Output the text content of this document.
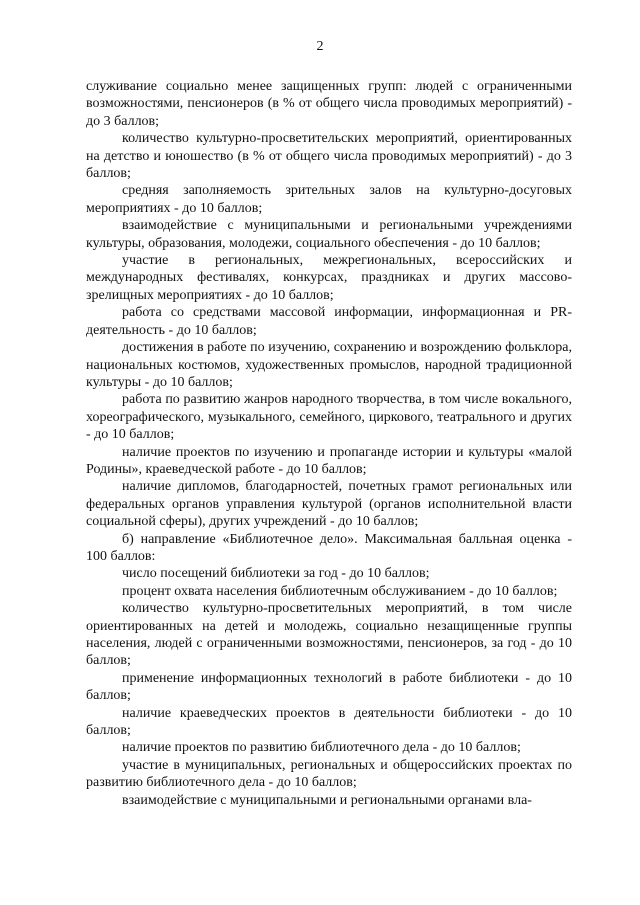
2

служивание социально менее защищенных групп: людей с ограниченными возможностями, пенсионеров (в % от общего числа проводимых мероприятий) - до 3 баллов;

количество культурно-просветительских мероприятий, ориентированных на детство и юношество (в % от общего числа проводимых мероприятий) - до 3 баллов;

средняя заполняемость зрительных залов на культурно-досуговых мероприятиях - до 10 баллов;

взаимодействие с муниципальными и региональными учреждениями культуры, образования, молодежи, социального обеспечения - до 10 баллов;

участие в региональных, межрегиональных, всероссийских и международных фестивалях, конкурсах, праздниках и других массово-зрелищных мероприятиях - до 10 баллов;

работа со средствами массовой информации, информационная и PR-деятельность - до 10 баллов;

достижения в работе по изучению, сохранению и возрождению фольклора, национальных костюмов, художественных промыслов, народной традиционной культуры - до 10 баллов;

работа по развитию жанров народного творчества, в том числе вокального, хореографического, музыкального, семейного, циркового, театрального и других - до 10 баллов;

наличие проектов по изучению и пропаганде истории и культуры «малой Родины», краеведческой работе - до 10 баллов;

наличие дипломов, благодарностей, почетных грамот региональных или федеральных органов управления культурой (органов исполнительной власти социальной сферы), других учреждений - до 10 баллов;

б) направление «Библиотечное дело». Максимальная балльная оценка - 100 баллов:

число посещений библиотеки за год - до 10 баллов;

процент охвата населения библиотечным обслуживанием - до 10 баллов;

количество культурно-просветительных мероприятий, в том числе ориентированных на детей и молодежь, социально незащищенные группы населения, людей с ограниченными возможностями, пенсионеров, за год - до 10 баллов;

применение информационных технологий в работе библиотеки - до 10 баллов;

наличие краеведческих проектов в деятельности библиотеки - до 10 баллов;

наличие проектов по развитию библиотечного дела - до 10 баллов;

участие в муниципальных, региональных и общероссийских проектах по развитию библиотечного дела - до 10 баллов;

взаимодействие с муниципальными и региональными органами вла-
